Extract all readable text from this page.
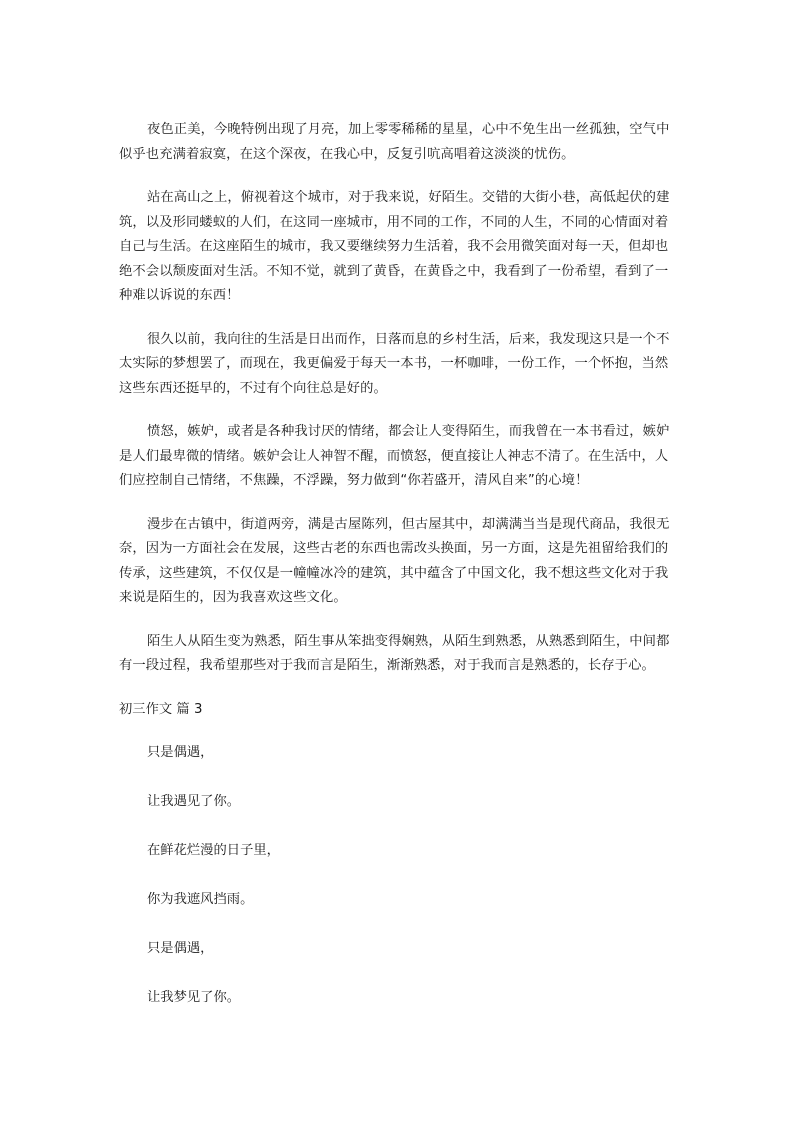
夜色正美，今晚特例出现了月亮，加上零零稀稀的星星，心中不免生出一丝孤独，空气中似乎也充满着寂寞，在这个深夜，在我心中，反复引吭高唱着这淡淡的忧伤。

站在高山之上，俯视着这个城市，对于我来说，好陌生。交错的大街小巷，高低起伏的建筑，以及形同蝼蚁的人们，在这同一座城市，用不同的工作，不同的人生，不同的心情面对着自己与生活。在这座陌生的城市，我又要继续努力生活着，我不会用微笑面对每一天，但却也绝不会以颓废面对生活。不知不觉，就到了黄昏，在黄昏之中，我看到了一份希望，看到了一种难以诉说的东西！

很久以前，我向往的生活是日出而作，日落而息的乡村生活，后来，我发现这只是一个不太实际的梦想罢了，而现在，我更偏爱于每天一本书，一杯咖啡，一份工作，一个怀抱，当然这些东西还挺早的，不过有个向往总是好的。

愤怒，嫉妒，或者是各种我讨厌的情绪，都会让人变得陌生，而我曾在一本书看过，嫉妒是人们最卑微的情绪。嫉妒会让人神智不醒，而愤怒，便直接让人神志不清了。在生活中，人们应控制自己情绪，不焦躁，不浮躁，努力做到“你若盛开，清风自来”的心境！

漫步在古镇中，街道两旁，满是古屋陈列，但古屋其中，却满满当当是现代商品，我很无奈，因为一方面社会在发展，这些古老的东西也需改头换面，另一方面，这是先祖留给我们的传承，这些建筑，不仅仅是一幢幢冰冷的建筑，其中蕴含了中国文化，我不想这些文化对于我来说是陌生的，因为我喜欢这些文化。

陌生人从陌生变为熟悉，陌生事从笨拙变得娴熟，从陌生到熟悉，从熟悉到陌生，中间都有一段过程，我希望那些对于我而言是陌生，渐渐熟悉，对于我而言是熟悉的，长存于心。

初三作文 篇 3

只是偶遇，

让我遇见了你。

在鲜花烂漫的日子里，

你为我遮风挡雨。

只是偶遇，

让我梦见了你。
